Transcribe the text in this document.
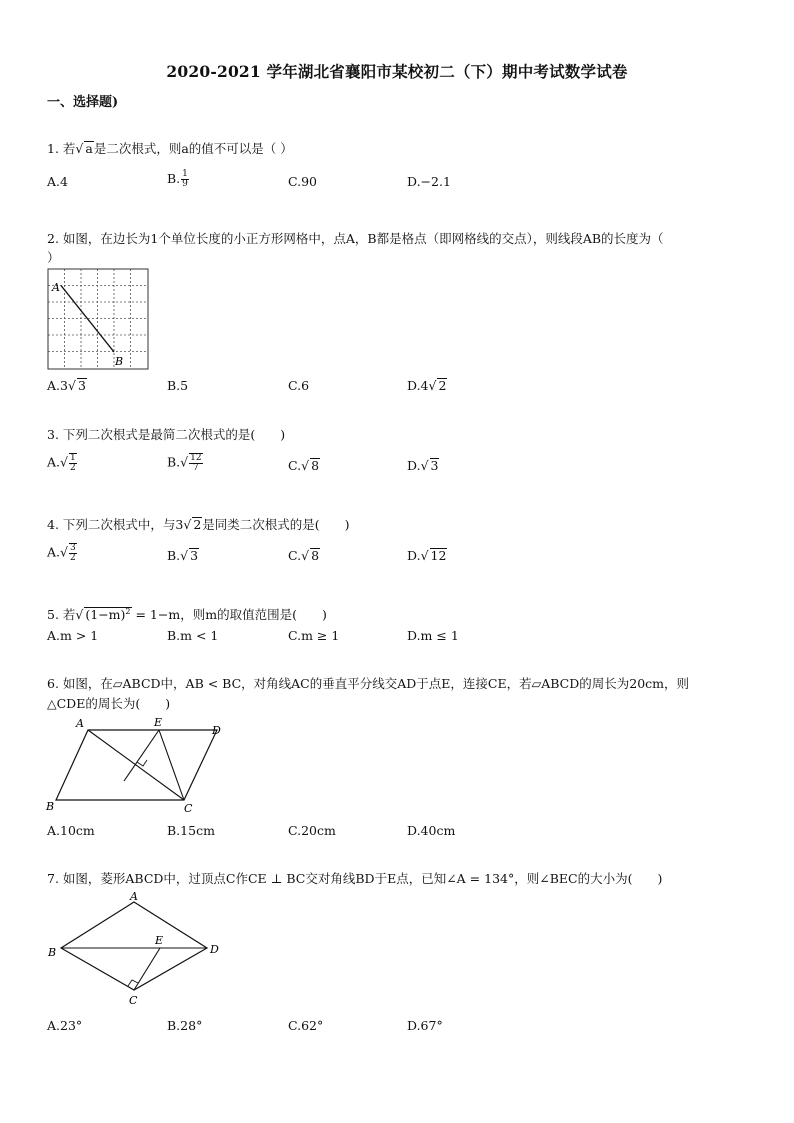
2020-2021 学年湖北省襄阳市某校初二（下）期中考试数学试卷
一、选择题)
1. 若√ a是二次根式，则a的值不可以是（ ）
A.4	B. $\frac{1}{9}$	C.90	D.−2.1
2. 如图，在边长为1个单位长度的小正方形网格中，点A，B都是格点（即网格线的交点），则线段AB的长度为（
）
A
B
A.3√ 3	B.5	C.6	D.4√ 2
3. 下列二次根式是最简二次根式的是(　　)
$A.√ \frac{1}{2}$	$B.√ \frac{12}{7}$	C.√ 8	D.√ 3
4. 下列二次根式中，与3√ 2是同类二次根式的是(　　)
$A.√ \frac{3}{2}$	B.√ 3	C.√ 8	D.√ 12
5. 若√ $(1-m)^2 = 1-m$，则m的取值范围是(　　)
A.m > 1	B.m < 1	C.m ≥ 1	D.m ≤ 1
6. 如图，在▱ABCD中，AB < BC，对角线AC的垂直平分线交AD于点E，连接CE，若▱ABCD的周长为20cm，则
△CDE的周长为(　　)
A	E
D
B	C
A.10cm	B.15cm	C.20cm	D.40cm
7. 如图，菱形ABCD中，过顶点C作CE ⊥ BC交对角线BD于E点，已知∠A = 134°，则∠BEC的大小为(　　)
A
B	D
E
C
A.23°	B.28°	C.62°	D.67°
